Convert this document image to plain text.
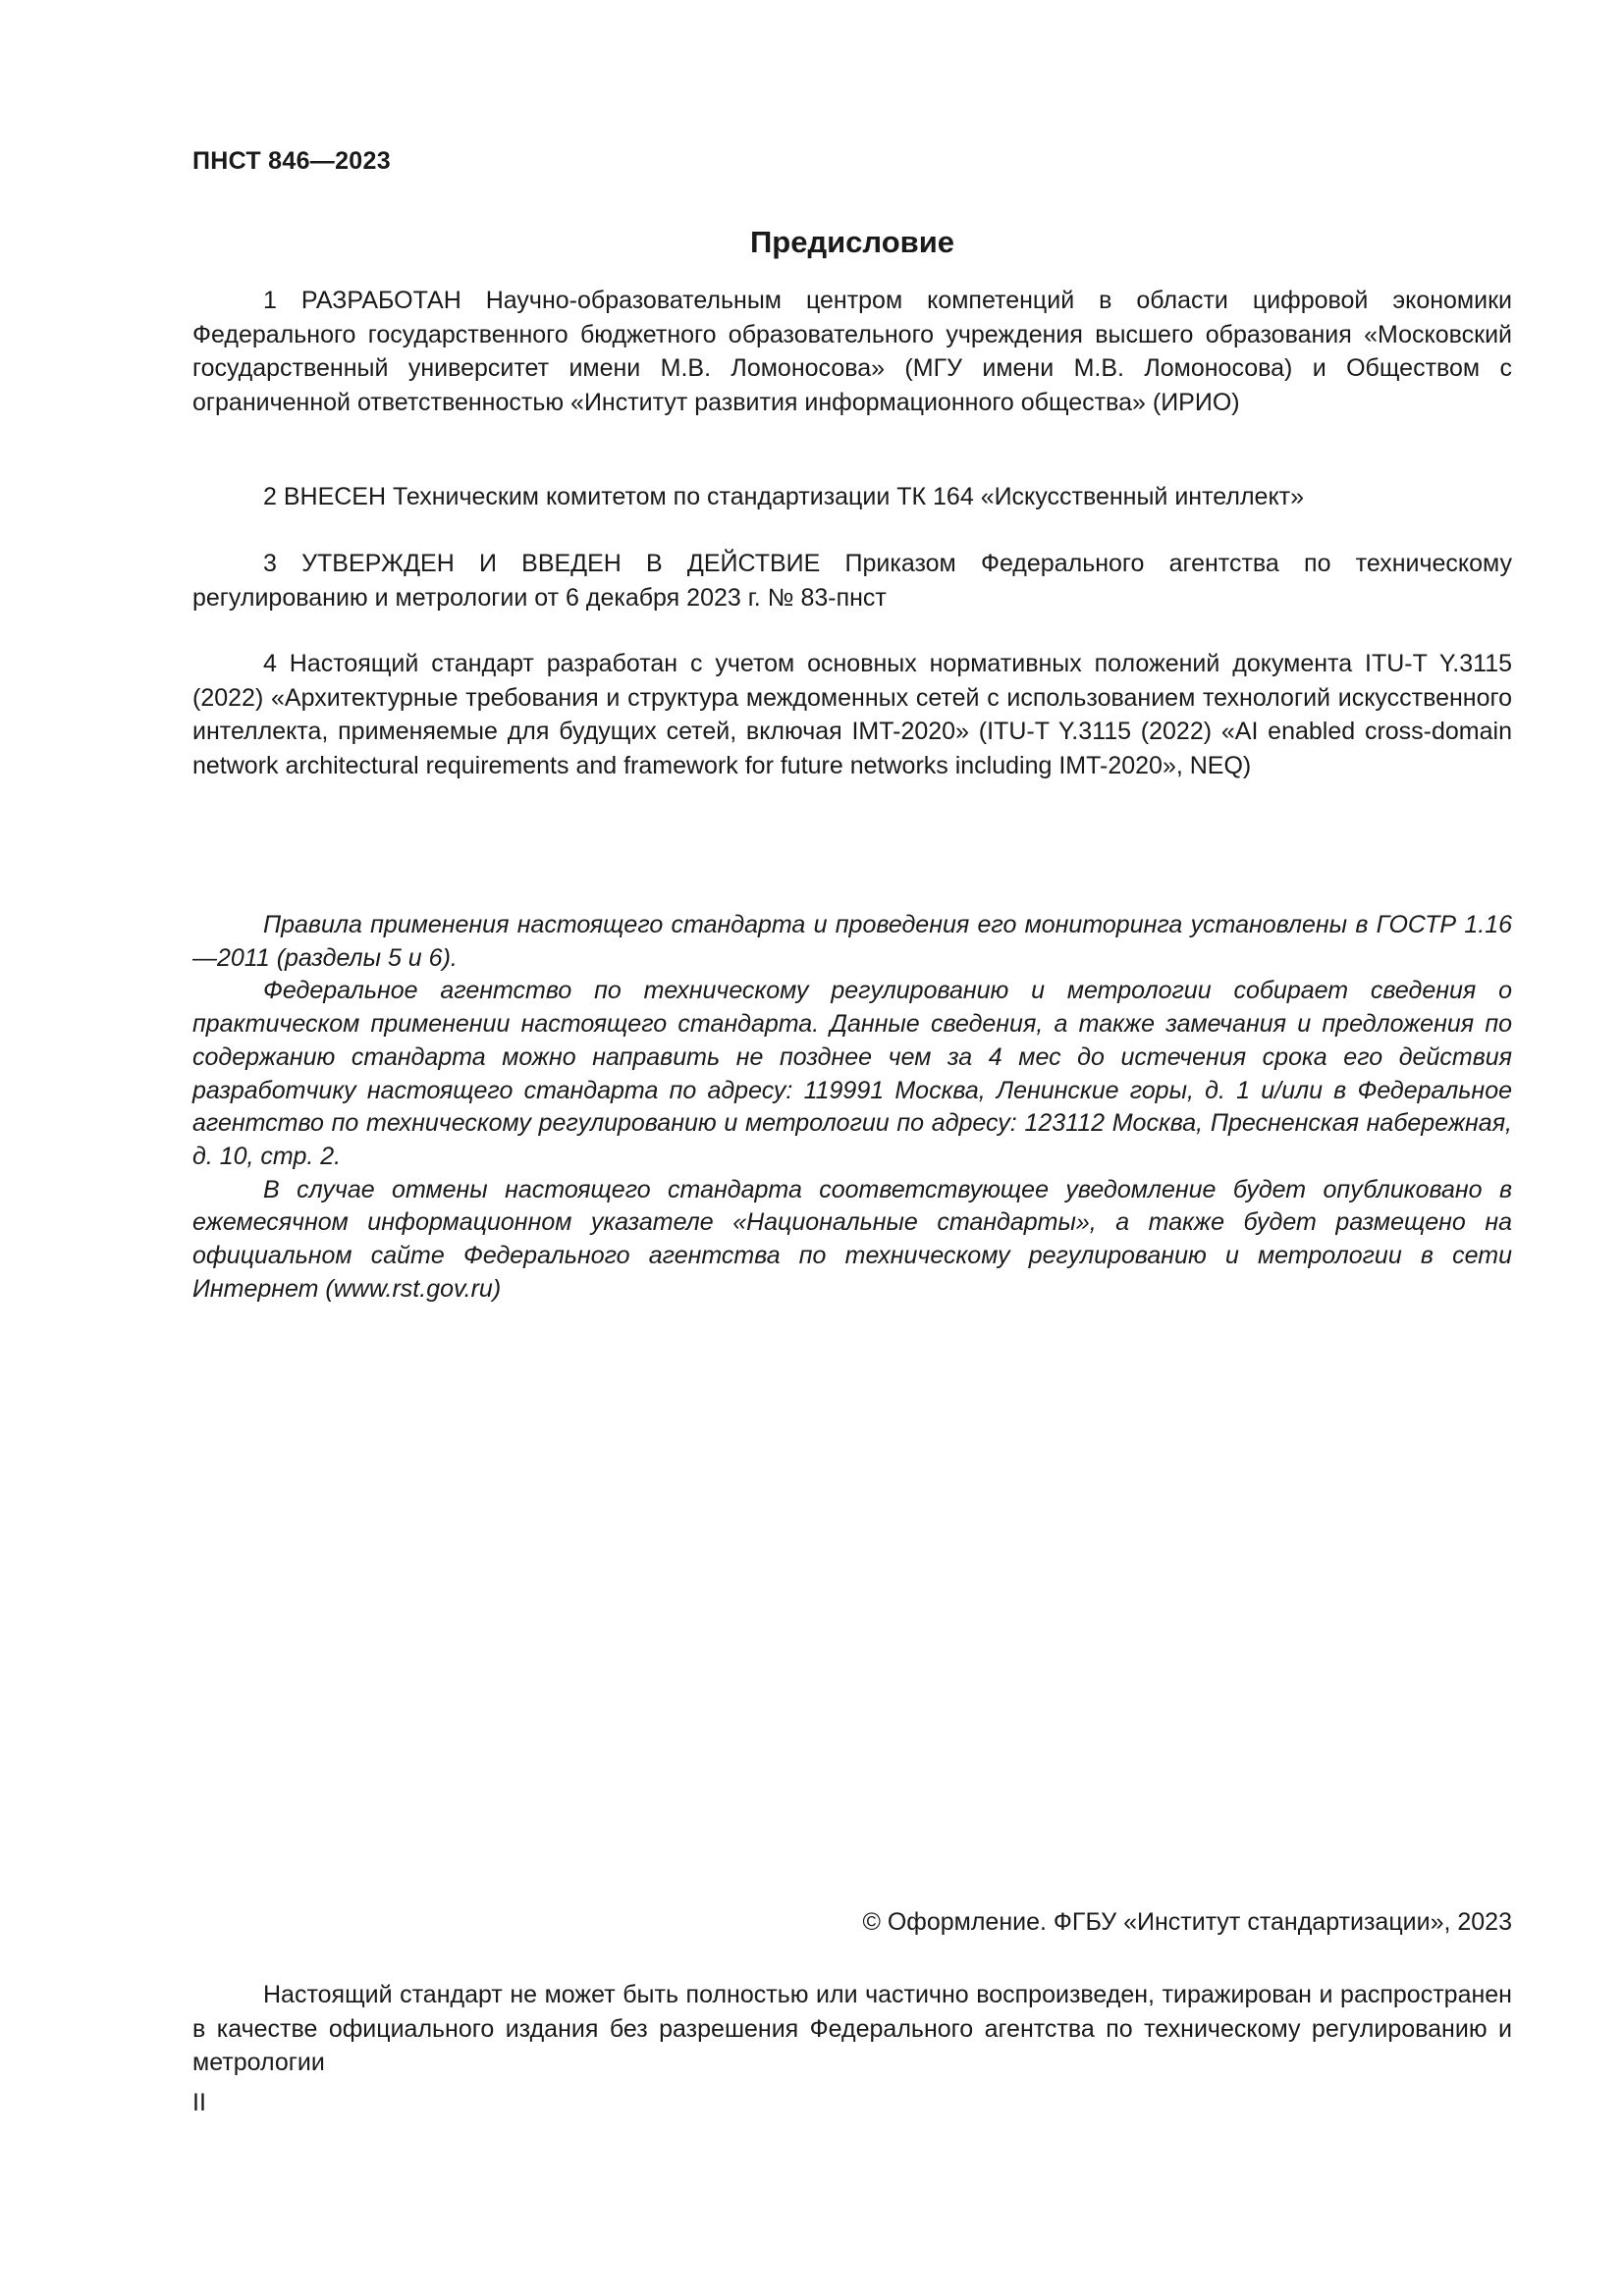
ПНСТ 846—2023
Предисловие

1 РАЗРАБОТАН Научно-образовательным центром компетенций в области цифровой экономики Федерального государственного бюджетного образовательного учреждения высшего образования «Московский государственный университет имени М.В. Ломоносова» (МГУ имени М.В. Ломоносова) и Обществом с ограниченной ответственностью «Институт развития информационного общества» (ИРИО)

2 ВНЕСЕН Техническим комитетом по стандартизации ТК 164 «Искусственный интеллект»

3 УТВЕРЖДЕН И ВВЕДЕН В ДЕЙСТВИЕ Приказом Федерального агентства по техническому регулированию и метрологии от 6 декабря 2023 г. № 83-пнст

4 Настоящий стандарт разработан с учетом основных нормативных положений документа ITU-T Y.3115 (2022) «Архитектурные требования и структура междоменных сетей с использованием технологий искусственного интеллекта, применяемые для будущих сетей, включая IMT-2020» (ITU-T Y.3115 (2022) «AI enabled cross-domain network architectural requirements and framework for future networks including IMT-2020», NEQ)

Правила применения настоящего стандарта и проведения его мониторинга установлены в ГОСТР 1.16—2011 (разделы 5 и 6).

Федеральное агентство по техническому регулированию и метрологии собирает сведения о практическом применении настоящего стандарта. Данные сведения, а также замечания и предложения по содержанию стандарта можно направить не позднее чем за 4 мес до истечения срока его действия разработчику настоящего стандарта по адресу: 119991 Москва, Ленинские горы, д. 1 и/или в Федеральное агентство по техническому регулированию и метрологии по адресу: 123112 Москва, Пресненская набережная, д. 10, стр. 2.

В случае отмены настоящего стандарта соответствующее уведомление будет опубликовано в ежемесячном информационном указателе «Национальные стандарты», а также будет размещено на официальном сайте Федерального агентства по техническому регулированию и метрологии в сети Интернет (www.rst.gov.ru)

© Оформление. ФГБУ «Институт стандартизации», 2023

Настоящий стандарт не может быть полностью или частично воспроизведен, тиражирован и распространен в качестве официального издания без разрешения Федерального агентства по техническому регулированию и метрологии

II
